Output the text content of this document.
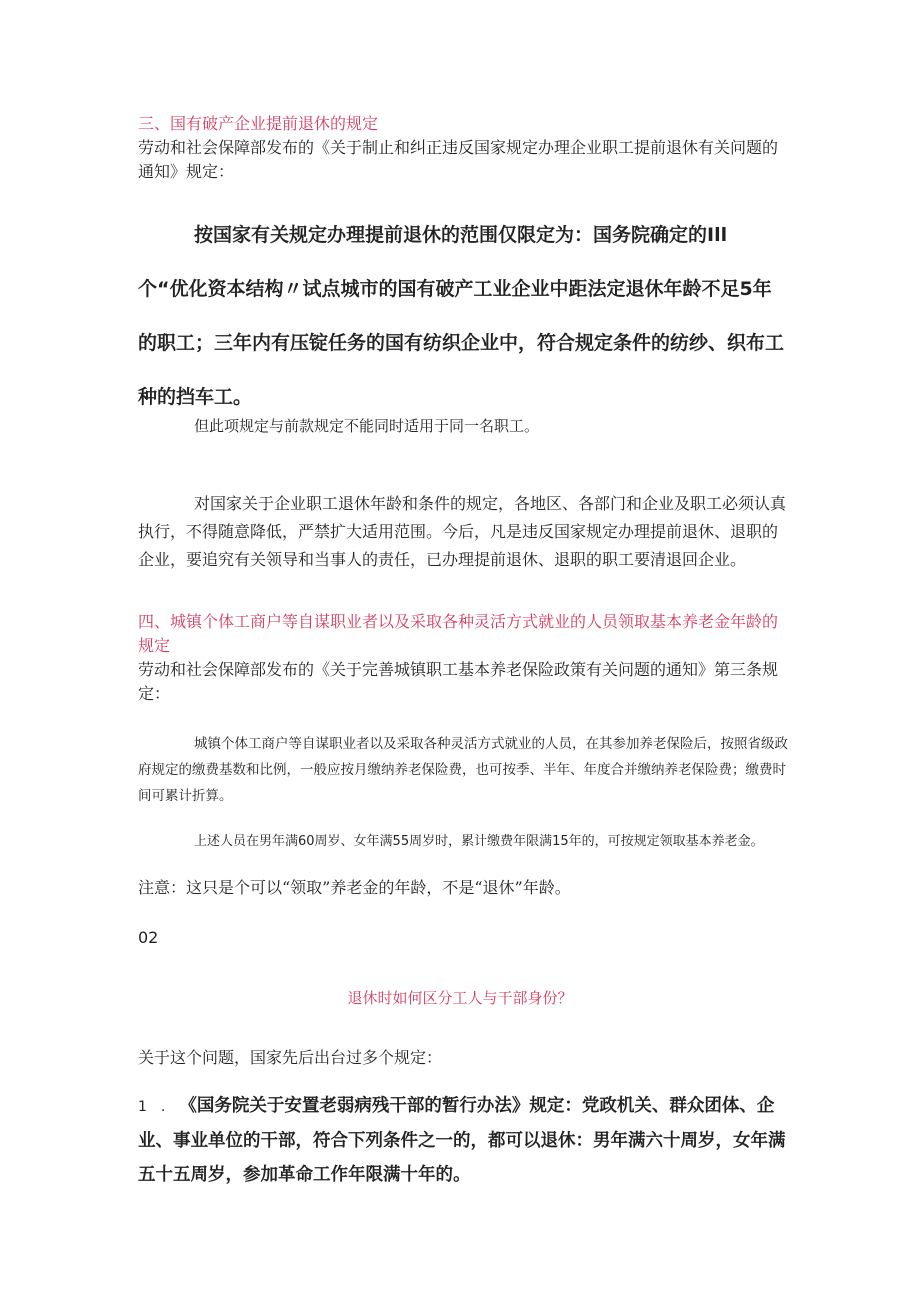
三、国有破产企业提前退休的规定

劳动和社会保障部发布的《关于制止和纠正违反国家规定办理企业职工提前退休有关问题的通知》规定：

按国家有关规定办理提前退休的范围仅限定为：国务院确定的Ill
个“优化资本结构〃试点城市的国有破产工业企业中距法定退休年龄不足5年
的职工；三年内有压锭任务的国有纺织企业中，符合规定条件的纺纱、织布工
种的挡车工。

但此项规定与前款规定不能同时适用于同一名职工。

对国家关于企业职工退休年龄和条件的规定，各地区、各部门和企业及职工必须认真执行，不得随意降低，严禁扩大适用范围。今后，凡是违反国家规定办理提前退休、退职的企业，要追究有关领导和当事人的责任，已办理提前退休、退职的职工要清退回企业。

四、城镇个体工商户等自谋职业者以及采取各种灵活方式就业的人员领取基本养老金年龄的规定

劳动和社会保障部发布的《关于完善城镇职工基本养老保险政策有关问题的通知》第三条规定：

城镇个体工商户等自谋职业者以及采取各种灵活方式就业的人员，在其参加养老保险后，按照省级政府规定的缴费基数和比例，一般应按月缴纳养老保险费，也可按季、半年、年度合并缴纳养老保险费；缴费时间可累计折算。

上述人员在男年满60周岁、女年满55周岁时，累计缴费年限满15年的，可按规定领取基本养老金。

注意：这只是个可以“领取”养老金的年龄，不是“退休”年龄。

02

退休时如何区分工人与干部身份？

关于这个问题，国家先后出台过多个规定：

1　. 《国务院关于安置老弱病残干部的暂行办法》规定：党政机关、群众团体、企业、事业单位的干部，符合下列条件之一的，都可以退休：男年满六十周岁，女年满五十五周岁，参加革命工作年限满十年的。
